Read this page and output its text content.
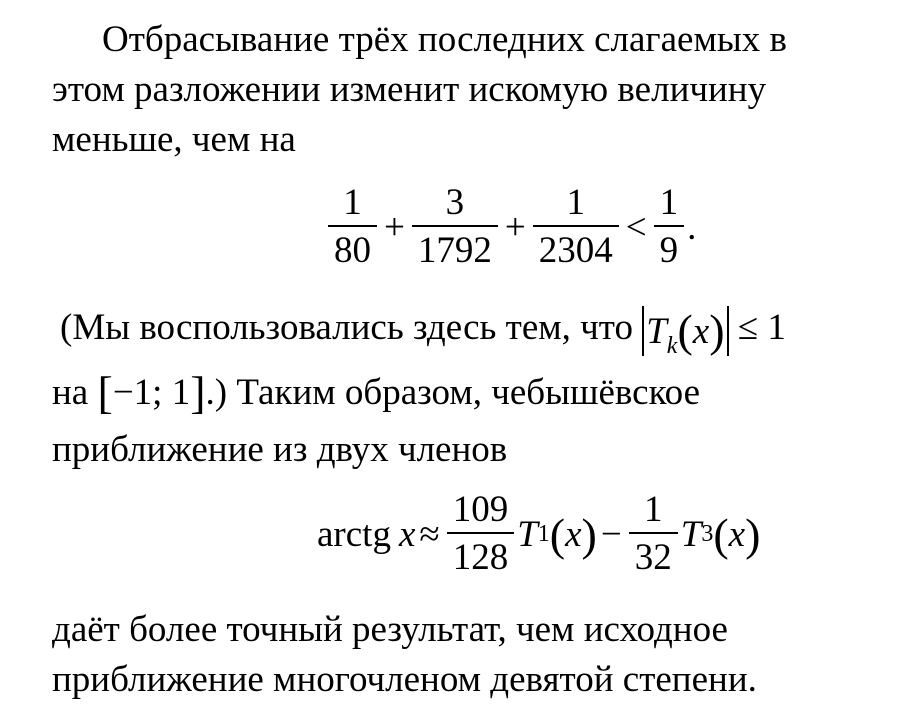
Отбрасывание трёх последних слагаемых в
этом разложении изменит искомую величину
меньше, чем на
$\frac{1}{80} + \frac{3}{1792} + \frac{1}{2304} < \frac{1}{9}$ .
(Мы воспользовались здесь тем, что $T_k(x) \le 1$
на [−1; 1].) Таким образом, чебышёвское
приближение из двух членов
arctg $x \approx \frac{109}{128}$ T 1 ( x ) − $\frac{1}{32}$ T 3 ( x )
даёт более точный результат, чем исходное
приближение многочленом девятой степени.
